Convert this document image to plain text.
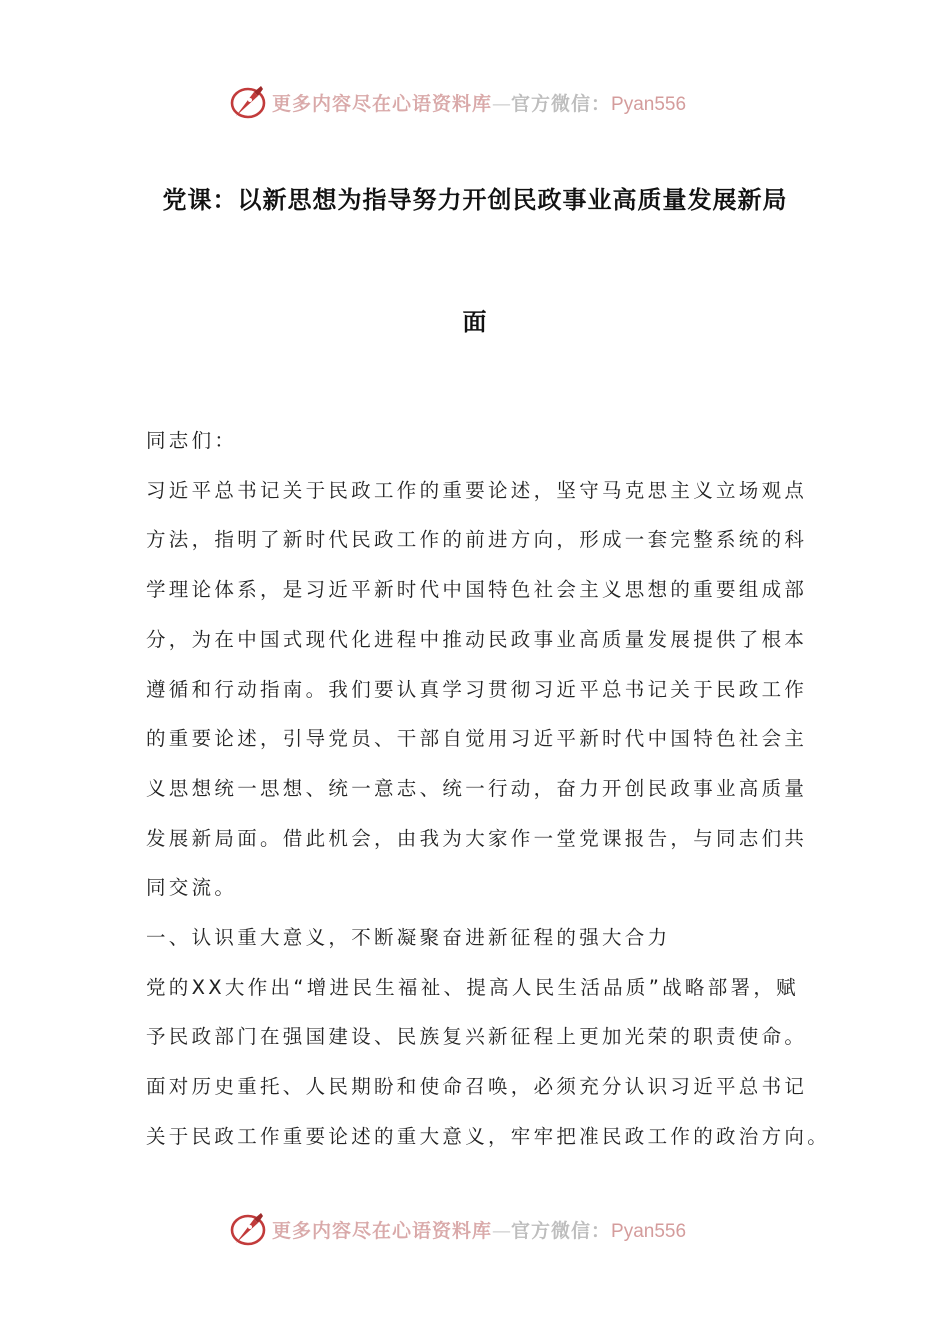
更多内容尽在心语资料库—官方微信：Pyan556
党课：以新思想为指导努力开创民政事业高质量发展新局
面

同志们：

习近平总书记关于民政工作的重要论述，坚守马克思主义立场观点
方法，指明了新时代民政工作的前进方向，形成一套完整系统的科
学理论体系，是习近平新时代中国特色社会主义思想的重要组成部
分，为在中国式现代化进程中推动民政事业高质量发展提供了根本
遵循和行动指南。我们要认真学习贯彻习近平总书记关于民政工作
的重要论述，引导党员、干部自觉用习近平新时代中国特色社会主
义思想统一思想、统一意志、统一行动，奋力开创民政事业高质量
发展新局面。借此机会，由我为大家作一堂党课报告，与同志们共
同交流。

一、认识重大意义，不断凝聚奋进新征程的强大合力

党的XX大作出“增进民生福祉、提高人民生活品质”战略部署，赋
予民政部门在强国建设、民族复兴新征程上更加光荣的职责使命。
面对历史重托、人民期盼和使命召唤，必须充分认识习近平总书记
关于民政工作重要论述的重大意义，牢牢把准民政工作的政治方向。

更多内容尽在心语资料库—官方微信：Pyan556
